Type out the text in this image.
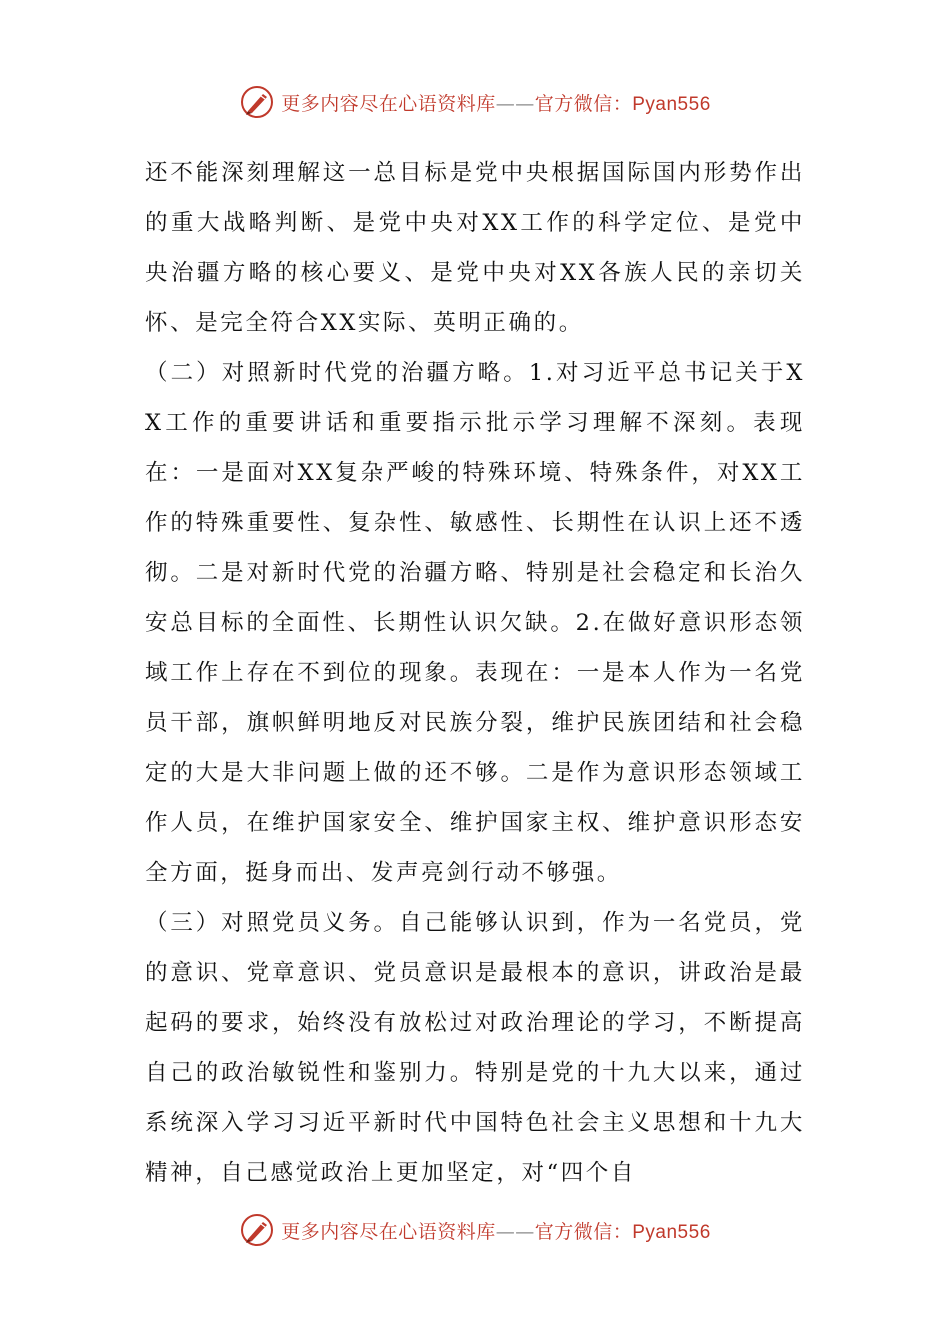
更多内容尽在心语资料库——官方微信：Pyan556

还不能深刻理解这一总目标是党中央根据国际国内形势作出的重大战略判断、是党中央对XX工作的科学定位、是党中央治疆方略的核心要义、是党中央对XX各族人民的亲切关怀、是完全符合XX实际、英明正确的。

（二）对照新时代党的治疆方略。1.对习近平总书记关于XX工作的重要讲话和重要指示批示学习理解不深刻。表现在：一是面对XX复杂严峻的特殊环境、特殊条件，对XX工作的特殊重要性、复杂性、敏感性、长期性在认识上还不透彻。二是对新时代党的治疆方略、特别是社会稳定和长治久安总目标的全面性、长期性认识欠缺。2.在做好意识形态领域工作上存在不到位的现象。表现在：一是本人作为一名党员干部，旗帜鲜明地反对民族分裂，维护民族团结和社会稳定的大是大非问题上做的还不够。二是作为意识形态领域工作人员，在维护国家安全、维护国家主权、维护意识形态安全方面，挺身而出、发声亮剑行动不够强。

（三）对照党员义务。自己能够认识到，作为一名党员，党的意识、党章意识、党员意识是最根本的意识，讲政治是最起码的要求，始终没有放松过对政治理论的学习，不断提高自己的政治敏锐性和鉴别力。特别是党的十九大以来，通过系统深入学习习近平新时代中国特色社会主义思想和十九大精神，自己感觉政治上更加坚定，对“四个自

更多内容尽在心语资料库——官方微信：Pyan556
